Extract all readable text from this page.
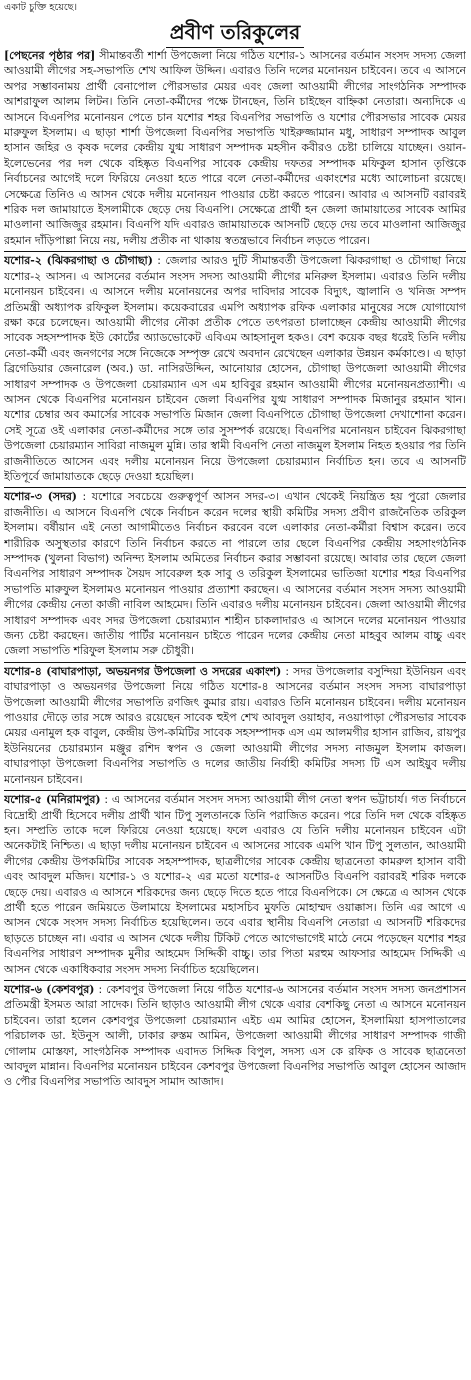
একাট চুক্তি হয়েছে।

প্রবীণ তরিকুলের

[পেছনের পৃষ্ঠার পর] সীমান্তবর্তী শার্শা উপজেলা নিয়ে গঠিত যশোর-১ আসনের বর্তমান সংসদ সদস্য জেলা আওয়ামী লীগের সহ-সভাপতি শেখ আফিল উদ্দিন। এবারও তিনি দলের মনোনয়ন চাইবেন। তবে এ আসনে অপর সম্ভাবনাময় প্রার্থী বেনাপোল পৌরসভার মেয়র এবং জেলা আওয়ামী লীগের সাংগঠনিক সম্পাদক আশরাফুল আলম লিটন। তিনি নেতা-কর্মীদের পক্ষে টানছেন, তিনি চাইছেন বাহ্নিকা নেতারা। অন্যদিকে এ আসনে বিএনপির মনোনয়ন পেতে চান যশোর শহর বিএনপির সভাপতি ও যশোর পৌরসভার সাবেক মেয়র মারুফুল ইসলাম। এ ছাড়া শার্শা উপজেলা বিএনপির সভাপতি খাইরুজ্জামান মধু, সাধারণ সম্পাদক আবুল হাসান জহির ও কৃষক দলের কেন্দ্রীয় যুগ্ম সাধারণ সম্পাদক মহসীন কবীরও চেষ্টা চালিয়ে যাচ্ছেন। ওয়ান-ইলেভেনের পর দল থেকে বহিষ্কৃত বিএনপির সাবেক কেন্দ্রীয় দফতর সম্পাদক মফিকুল হাসান তৃপ্তিকে নির্বাচনের আগেই দলে ফিরিয়ে নেওয়া হতে পারে বলে নেতা-কর্মীদের একাংশের মধ্যে আলোচনা রয়েছে। সেক্ষেত্রে তিনিও এ আসন থেকে দলীয় মনোনয়ন পাওয়ার চেষ্টা করতে পারেন। আবার এ আসনটি বরাবরই শরিক দল জামায়াতে ইসলামীকে ছেড়ে দেয় বিএনপি। সেক্ষেত্রে প্রার্থী হন জেলা জামায়াতের সাবেক আমির মাওলানা আজিজুর রহমান। বিএনপি যদি এবারও জামায়াতকে আসনটি ছেড়ে দেয় তবে মাওলানা আজিজুর রহমান দাঁড়িপাল্লা নিয়ে নয়, দলীয় প্রতীক না থাকায় স্বতন্ত্রভাবে নির্বাচন লড়তে পারেন।

যশোর-২ (ঝিকরগাছা ও চৌগাছা) : জেলার আরও দুটি সীমান্তবর্তী উপজেলা ঝিকরগাছা ও চৌগাছা নিয়ে যশোর-২ আসন। এ আসনের বর্তমান সংসদ সদস্য আওয়ামী লীগের মনিরুল ইসলাম। এবারও তিনি দলীয় মনোনয়ন চাইবেন। এ আসনে দলীয় মনোনয়নের অপর দাবিদার সাবেক বিদ্যুৎ, জ্বালানি ও খনিজ সম্পদ প্রতিমন্ত্রী অধ্যাপক রফিকুল ইসলাম। কয়েকবারের এমপি অধ্যাপক রফিক এলাকার মানুষের সঙ্গে যোগাযোগ রক্ষা করে চলেছেন। আওয়ামী লীগের নৌকা প্রতীক পেতে তৎপরতা চালাচ্ছেন কেন্দ্রীয় আওয়ামী লীগের সাবেক সহসম্পাদক ইউ কোর্টের অ্যাডভোকেট এবিএম আহসানুল হকও। বেশ কয়েক বছর ধরেই তিনি দলীয় নেতা-কর্মী এবং জনগণের সঙ্গে নিজেকে সম্পৃক্ত রেখে অবদান রেখেছেন এলাকার উন্নয়ন কর্মকাণ্ডে। এ ছাড়া ব্রিগেডিয়ার জেনারেল (অব.) ডা. নাসিরউদ্দিন, আনোয়ার হোসেন, চৌগাছা উপজেলা আওয়ামী লীগের সাধারণ সম্পাদক ও উপজেলা চেয়ারম্যান এস এম হাবিবুর রহমান আওয়ামী লীগের মনোনয়নপ্রত্যাশী। এ আসন থেকে বিএনপির মনোনয়ন চাইবেন জেলা বিএনপির যুগ্ম সাধারণ সম্পাদক মিজানুর রহমান খান। যশোর চেম্বার অব কমার্সের সাবেক সভাপতি মিজান জেলা বিএনপিতে চৌগাছা উপজেলা দেখাশোনা করেন। সেই সূত্রে ওই এলাকার নেতা-কর্মীদের সঙ্গে তার সুসম্পর্ক রয়েছে। বিএনপির মনোনয়ন চাইবেন ঝিকরগাছা উপজেলা চেয়ারম্যান সাবিরা নাজমুল মুন্নি। তার স্বামী বিএনপি নেতা নাজমুল ইসলাম নিহত হওয়ার পর তিনি রাজনীতিতে আসেন এবং দলীয় মনোনয়ন নিয়ে উপজেলা চেয়ারম্যান নির্বাচিত হন। তবে এ আসনটি ইতিপূর্বে জামায়াতকে ছেড়ে দেওয়া হয়েছিল।

যশোর-৩ (সদর) : যশোরে সবচেয়ে গুরুত্বপূর্ণ আসন সদর-৩। এখান থেকেই নিয়ন্ত্রিত হয় পুরো জেলার রাজনীতি। এ আসনে বিএনপি থেকে নির্বাচন করেন দলের স্থায়ী কমিটির সদস্য প্রবীণ রাজনৈতিক তরিকুল ইসলাম। বর্ষীয়ান এই নেতা আগামীতেও নির্বাচন করবেন বলে এলাকার নেতা-কর্মীরা বিশ্বাস করেন। তবে শারীরিক অসুস্থতার কারণে তিনি নির্বাচন করতে না পারলে তার ছেলে বিএনপির কেন্দ্রীয় সহসাংগঠনিক সম্পাদক (খুলনা বিভাগ) অনিন্দ্য ইসলাম অমিতের নির্বাচন করার সম্ভাবনা রয়েছে। আবার তার ছেলে জেলা বিএনপির সাধারণ সম্পাদক সৈয়দ সাবেরুল হক সাবু ও তরিকুল ইসলামের ভাতিজা যশোর শহর বিএনপির সভাপতি মারুফুল ইসলামও মনোনয়ন পাওয়ার প্রত্যাশা করছেন। এ আসনের বর্তমান সংসদ সদস্য আওয়ামী লীগের কেন্দ্রীয় নেতা কাজী নাবিল আহমেদ। তিনি এবারও দলীয় মনোনয়ন চাইবেন। জেলা আওয়ামী লীগের সাধারণ সম্পাদক এবং সদর উপজেলা চেয়ারম্যান শাহীন চাকলাদারও এ আসনে দলের মনোনয়ন পাওয়ার জন্য চেষ্টা করছেন। জাতীয় পার্টির মনোনয়ন চাইতে পারেন দলের কেন্দ্রীয় নেতা মাহবুব আলম বাচ্চু এবং জেলা সভাপতি শরিফুল ইসলাম সরু চৌধুরী।

যশোর-৪ (বাঘারপাড়া, অভয়নগর উপজেলা ও সদরের একাংশ) : সদর উপজেলার বসুন্দিয়া ইউনিয়ন এবং বাঘারপাড়া ও অভয়নগর উপজেলা নিয়ে গঠিত যশোর-৪ আসনের বর্তমান সংসদ সদস্য বাঘারপাড়া উপজেলা আওয়ামী লীগের সভাপতি রণজিৎ কুমার রায়। এবারও তিনি মনোনয়ন চাইবেন। দলীয় মনোনয়ন পাওয়ার দৌড়ে তার সঙ্গে আরও রয়েছেন সাবেক হুইপ শেখ আবদুল ওয়াহাব, নওয়াপাড়া পৌরসভার সাবেক মেয়র এনামুল হক বাবুল, কেন্দ্রীয় উপ-কমিটির সাবেক সহসম্পাদক এস এম আলমগীর হাসান রাজিব, রায়পুর ইউনিয়নের চেয়ারম্যান মঞ্জুর রশিদ স্বপন ও জেলা আওয়ামী লীগের সদস্য নাজমুল ইসলাম কাজল। বাঘারপাড়া উপজেলা বিএনপির সভাপতি ও দলের জাতীয় নির্বাহী কমিটির সদস্য টি এস আইয়ুব দলীয় মনোনয়ন চাইবেন।

যশোর-৫ (মনিরামপুর) : এ আসনের বর্তমান সংসদ সদস্য আওয়ামী লীগ নেতা স্বপন ভট্টাচার্য। গত নির্বাচনে বিদ্রোহী প্রার্থী হিসেবে দলীয় প্রার্থী খান টিপু সুলতানকে তিনি পরাজিত করেন। পরে তিনি দল থেকে বহিষ্কৃত হন। সম্প্রতি তাকে দলে ফিরিয়ে নেওয়া হয়েছে। ফলে এবারও যে তিনি দলীয় মনোনয়ন চাইবেন এটা অনেকটাই নিশ্চিত। এ ছাড়া দলীয় মনোনয়ন চাইবেন এ আসনের সাবেক এমপি খান টিপু সুলতান, আওয়ামী লীগের কেন্দ্রীয় উপকমিটির সাবেক সহসম্পাদক, ছাত্রলীগের সাবেক কেন্দ্রীয় ছাত্রনেতা কামরুল হাসান বাবী এবং আবদুল মজিদ। যশোর-১ ও যশোর-২ এর মতো যশোর-৫ আসনটিও বিএনপি বরাবরই শরিক দলকে ছেড়ে দেয়। এবারও এ আসনে শরিকদের জন্য ছেড়ে দিতে হতে পারে বিএনপিকে। সে ক্ষেত্রে এ আসন থেকে প্রার্থী হতে পারেন জমিয়তে উলামায়ে ইসলামের মহাসচিব মুফতি মোহাম্মদ ওয়াক্কাস। তিনি এর আগে এ আসন থেকে সংসদ সদস্য নির্বাচিত হয়েছিলেন। তবে এবার স্থানীয় বিএনপি নেতারা এ আসনটি শরিকদের ছাড়তে চাচ্ছেন না। এবার এ আসন থেকে দলীয় টিকিট পেতে আগেভাগেই মাঠে নেমে পড়েছেন যশোর শহর বিএনপির সাধারণ সম্পাদক মুনীর আহমেদ সিদ্দিকী বাচ্চু। তার পিতা মরহুম আফসার আহমেদ সিদ্দিকী এ আসন থেকে একাধিকবার সংসদ সদস্য নির্বাচিত হয়েছিলেন।

যশোর-৬ (কেশবপুর) : কেশবপুর উপজেলা নিয়ে গঠিত যশোর-৬ আসনের বর্তমান সংসদ সদস্য জনপ্রশাসন প্রতিমন্ত্রী ইসমত আরা সাদেক। তিনি ছাড়াও আওয়ামী লীগ থেকে এবার বেশকিছু নেতা এ আসনে মনোনয়ন চাইবেন। তারা হলেন কেশবপুর উপজেলা চেয়ারম্যান এইচ এম আমির হোসেন, ইসলামিয়া হাসপাতালের পরিচালক ডা. ইউনুস আলী, ঢাকার রুস্তম আমিন, উপজেলা আওয়ামী লীগের সাধারণ সম্পাদক গাজী গোলাম মোস্তফা, সাংগঠনিক সম্পাদক এবাদত সিদ্দিক বিপুল, সদস্য এস কে রফিক ও সাবেক ছাত্রনেতা আবদুল মান্নান। বিএনপির মনোনয়ন চাইবেন কেশবপুর উপজেলা বিএনপির সভাপতি আবুল হোসেন আজাদ ও পৌর বিএনপির সভাপতি আবদুস সামাদ আজাদ।
